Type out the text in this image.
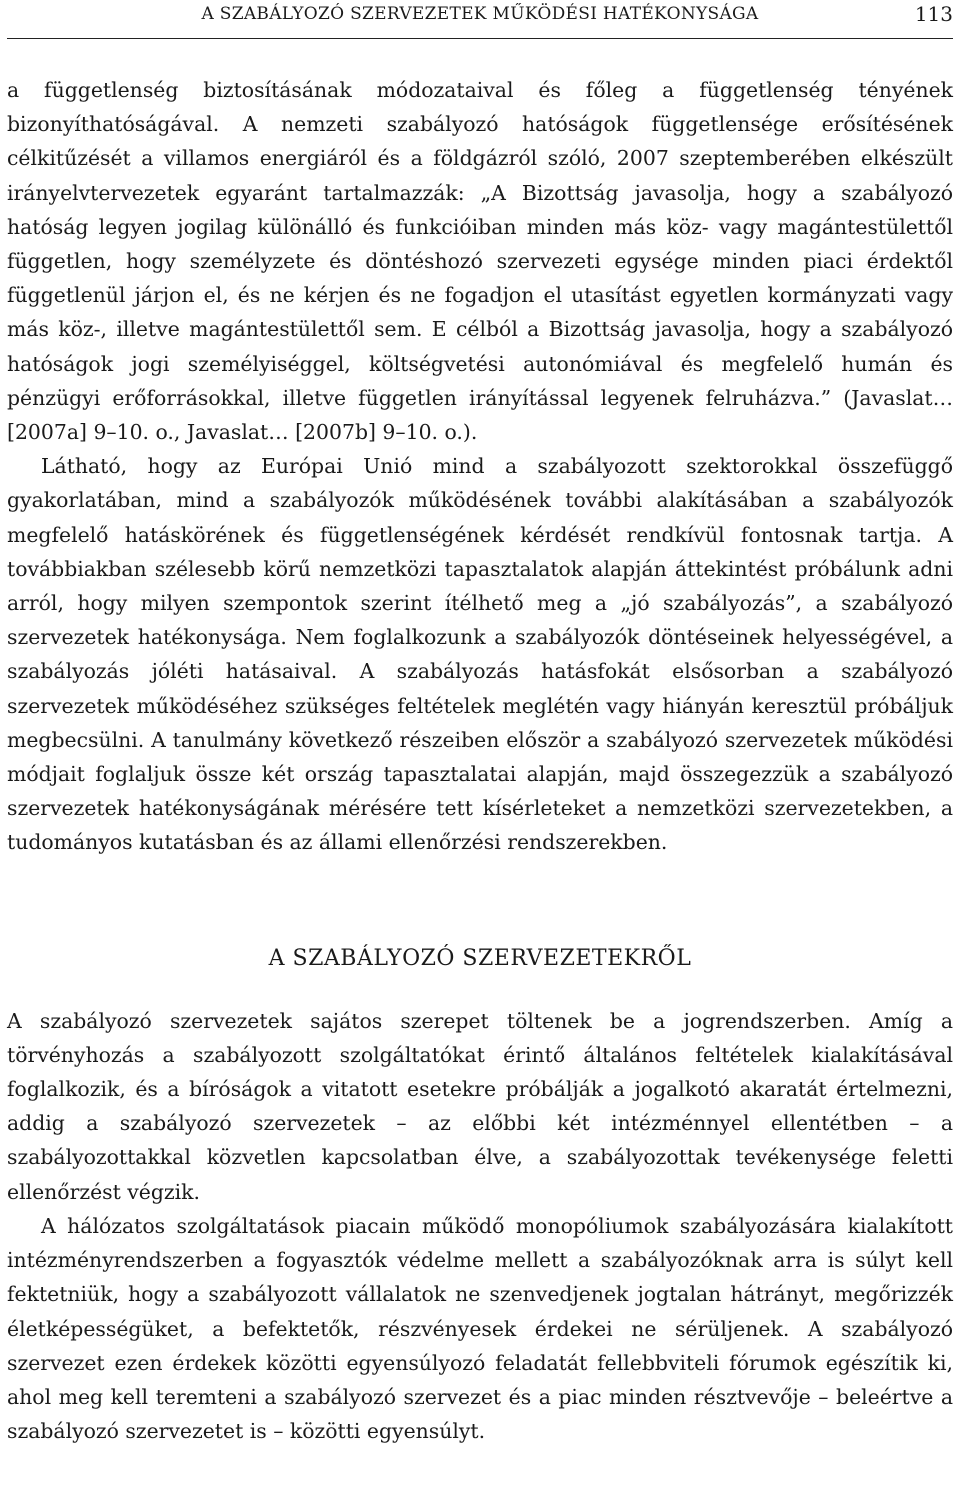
A SZABÁLYOZÓ SZERVEZETEK MŰKÖDÉSI HATÉKONYSÁGA	113

a függetlenség biztosításának módozataival és főleg a függetlenség tényének bizonyíthatóságával. A nemzeti szabályozó hatóságok függetlensége erősítésének célkitűzését a villamos energiáról és a földgázról szóló, 2007 szeptemberében elkészült irányelvtervezetek egyaránt tartalmazzák: „A Bizottság javasolja, hogy a szabályozó hatóság legyen jogilag különálló és funkcióiban minden más köz- vagy magántestülettől független, hogy személyzete és döntéshozó szervezeti egysége minden piaci érdektől függetlenül járjon el, és ne kérjen és ne fogadjon el utasítást egyetlen kormányzati vagy más köz-, illetve magántestülettől sem. E célból a Bizottság javasolja, hogy a szabályozó hatóságok jogi személyiséggel, költségvetési autonómiával és megfelelő humán és pénzügyi erőforrásokkal, illetve független irányítással legyenek felruházva.” (Javaslat… [2007a] 9–10. o., Javaslat… [2007b] 9–10. o.).

Látható, hogy az Európai Unió mind a szabályozott szektorokkal összefüggő gyakorlatában, mind a szabályozók működésének további alakításában a szabályozók megfelelő hatáskörének és függetlenségének kérdését rendkívül fontosnak tartja. A továbbiakban szélesebb körű nemzetközi tapasztalatok alapján áttekintést próbálunk adni arról, hogy milyen szempontok szerint ítélhető meg a „jó szabályozás”, a szabályozó szervezetek hatékonysága. Nem foglalkozunk a szabályozók döntéseinek helyességével, a szabályozás jóléti hatásaival. A szabályozás hatásfokát elsősorban a szabályozó szervezetek működéséhez szükséges feltételek meglétén vagy hiányán keresztül próbáljuk megbecsülni. A tanulmány következő részeiben először a szabályozó szervezetek működési módjait foglaljuk össze két ország tapasztalatai alapján, majd összegezzük a szabályozó szervezetek hatékonyságának mérésére tett kísérleteket a nemzetközi szervezetekben, a tudományos kutatásban és az állami ellenőrzési rendszerekben.

A SZABÁLYOZÓ SZERVEZETEKRŐL

A szabályozó szervezetek sajátos szerepet töltenek be a jogrendszerben. Amíg a törvényhozás a szabályozott szolgáltatókat érintő általános feltételek kialakításával foglalkozik, és a bíróságok a vitatott esetekre próbálják a jogalkotó akaratát értelmezni, addig a szabályozó szervezetek – az előbbi két intézménnyel ellentétben – a szabályozottakkal közvetlen kapcsolatban élve, a szabályozottak tevékenysége feletti ellenőrzést végzik.

A hálózatos szolgáltatások piacain működő monopóliumok szabályozására kialakított intézményrendszerben a fogyasztók védelme mellett a szabályozóknak arra is súlyt kell fektetniük, hogy a szabályozott vállalatok ne szenvedjenek jogtalan hátrányt, megőrizzék életképességüket, a befektetők, részvényesek érdekei ne sérüljenek. A szabályozó szervezet ezen érdekek közötti egyensúlyozó feladatát fellebbviteli fórumok egészítik ki, ahol meg kell teremteni a szabályozó szervezet és a piac minden résztvevője – beleértve a szabályozó szervezetet is – közötti egyensúlyt.
